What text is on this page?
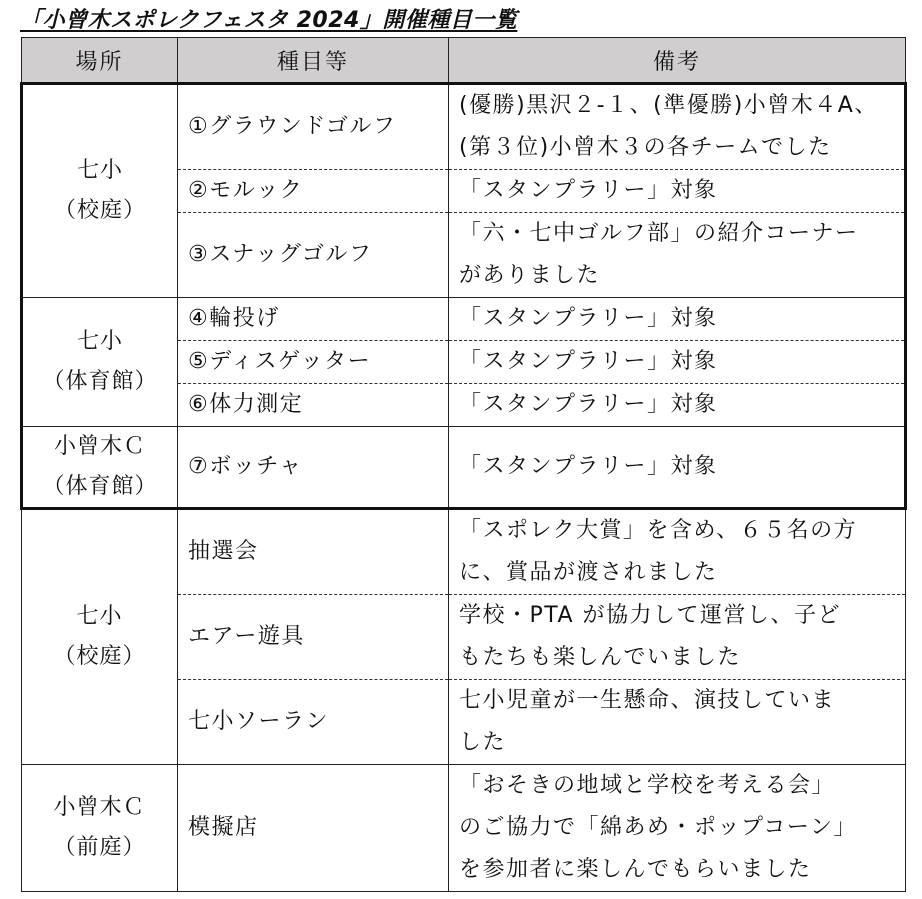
「小曾木スポレクフェスタ 2024」開催種目一覧
場所	種目等	備考

七小
（校庭）	①グラウンドゴルフ	(優勝)黒沢２-１、(準優勝)小曾木４A、
(第３位)小曾木３の各チームでした

	②モルック	「スタンプラリー」対象
	③スナッグゴルフ	「六・七中ゴルフ部」の紹介コーナー
がありました

七小
（体育館）	④輪投げ	「スタンプラリー」対象
	⑤ディスゲッター	「スタンプラリー」対象
	⑥体力測定	「スタンプラリー」対象

小曾木Ｃ
（体育館）	⑦ボッチャ	「スタンプラリー」対象

七小
（校庭）	抽選会	「スポレク大賞」を含め、６５名の方
に、賞品が渡されました

	エアー遊具	学校・PTA が協力して運営し、子ど
もたちも楽しんでいました

	七小ソーラン	七小児童が一生懸命、演技していま
した

小曾木Ｃ
（前庭）	模擬店	「おそきの地域と学校を考える会」
のご協力で「綿あめ・ポップコーン」
を参加者に楽しんでもらいました
